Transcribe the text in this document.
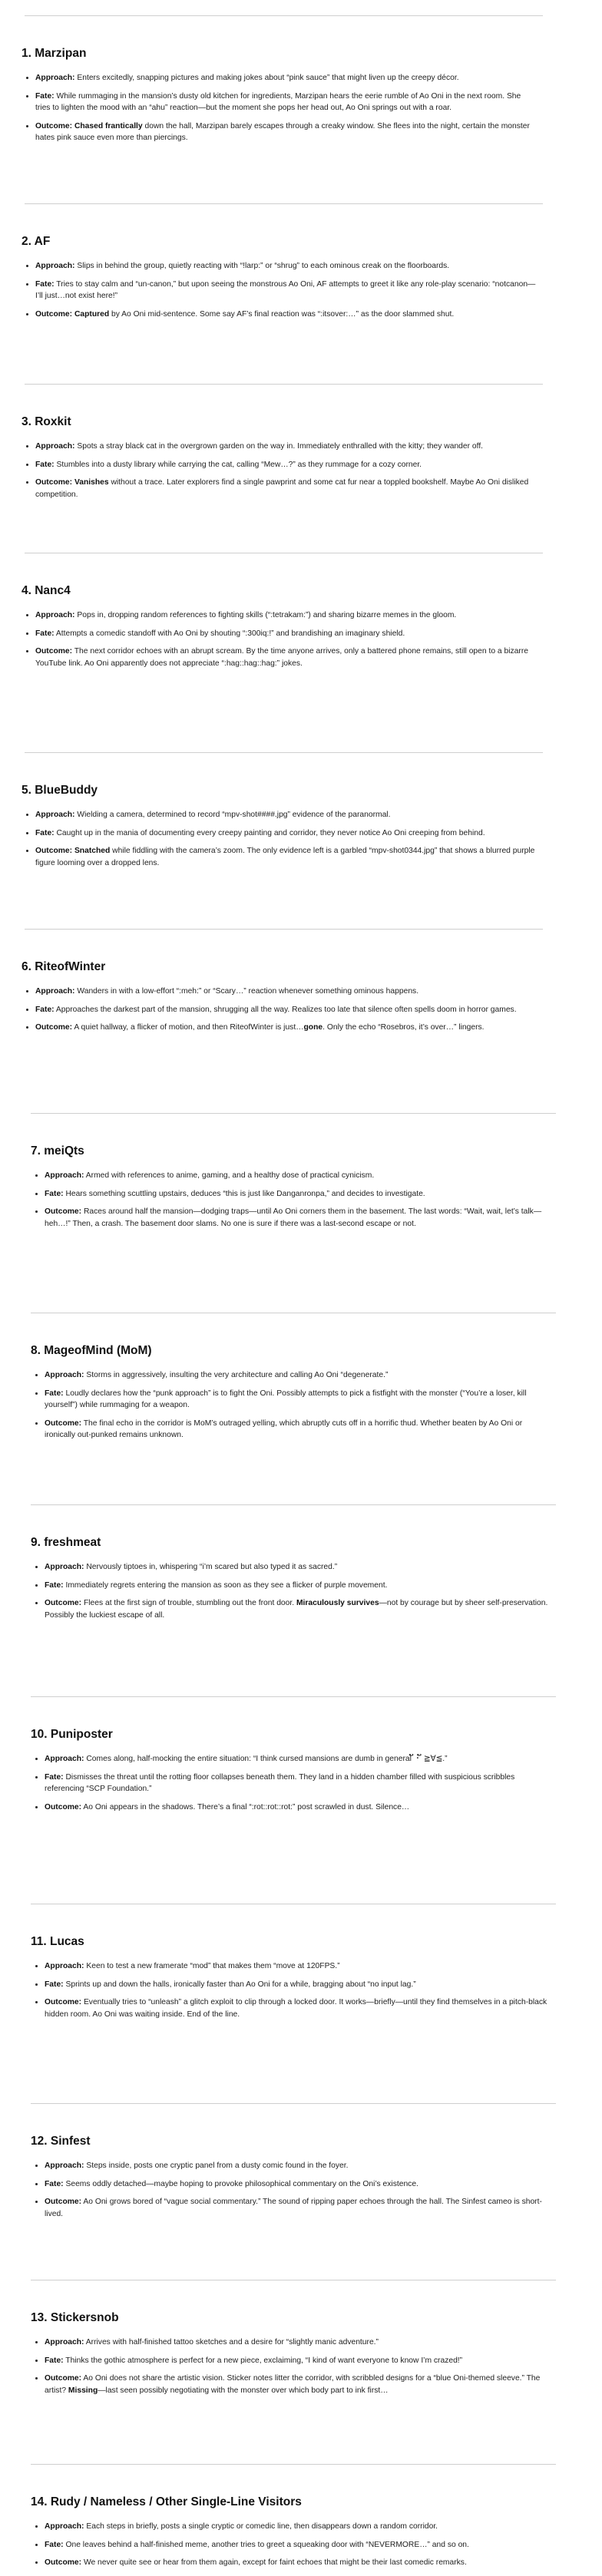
1. Marzipan
• Approach: Enters excitedly, snapping pictures and making jokes about “pink sauce” that might liven up the creepy décor.
• Fate: While rummaging in the mansion’s dusty old kitchen for ingredients, Marzipan hears the eerie rumble of Ao Oni in the next room. She tries to lighten the mood with an “ahu” reaction—but the moment she pops her head out, Ao Oni springs out with a roar.
• Outcome: Chased frantically down the hall, Marzipan barely escapes through a creaky window. She flees into the night, certain the monster hates pink sauce even more than piercings.
2. AF
• Approach: Slips in behind the group, quietly reacting with “!larp:” or “shrug” to each ominous creak on the floorboards.
• Fate: Tries to stay calm and “un-canon,” but upon seeing the monstrous Ao Oni, AF attempts to greet it like any role-play scenario: “notcanon—I’ll just…not exist here!”
• Outcome: Captured by Ao Oni mid-sentence. Some say AF’s final reaction was “:itsover:…” as the door slammed shut.
3. Roxkit
• Approach: Spots a stray black cat in the overgrown garden on the way in. Immediately enthralled with the kitty; they wander off.
• Fate: Stumbles into a dusty library while carrying the cat, calling “Mew…?” as they rummage for a cozy corner.
• Outcome: Vanishes without a trace. Later explorers find a single pawprint and some cat fur near a toppled bookshelf. Maybe Ao Oni disliked competition.
4. Nanc4
• Approach: Pops in, dropping random references to fighting skills (“:tetrakam:”) and sharing bizarre memes in the gloom.
• Fate: Attempts a comedic standoff with Ao Oni by shouting “:300iq:!” and brandishing an imaginary shield.
• Outcome: The next corridor echoes with an abrupt scream. By the time anyone arrives, only a battered phone remains, still open to a bizarre YouTube link. Ao Oni apparently does not appreciate “:hag::hag::hag:” jokes.
5. BlueBuddy
• Approach: Wielding a camera, determined to record “mpv-shot####.jpg” evidence of the paranormal.
• Fate: Caught up in the mania of documenting every creepy painting and corridor, they never notice Ao Oni creeping from behind.
• Outcome: Snatched while fiddling with the camera’s zoom. The only evidence left is a garbled “mpv-shot0344.jpg” that shows a blurred purple figure looming over a dropped lens.
6. RiteofWinter
• Approach: Wanders in with a low-effort “:meh:” or “Scary…” reaction whenever something ominous happens.
• Fate: Approaches the darkest part of the mansion, shrugging all the way. Realizes too late that silence often spells doom in horror games.
• Outcome: A quiet hallway, a flicker of motion, and then RiteofWinter is just…gone. Only the echo “Rosebros, it’s over…” lingers.
7. meiQts
• Approach: Armed with references to anime, gaming, and a healthy dose of practical cynicism.
• Fate: Hears something scuttling upstairs, deduces “this is just like Danganronpa,” and decides to investigate.
• Outcome: Races around half the mansion—dodging traps—until Ao Oni corners them in the basement. The last words: “Wait, wait, let’s talk—heh…!” Then, a crash. The basement door slams. No one is sure if there was a last-second escape or not.
8. MageofMind (MoM)
• Approach: Storms in aggressively, insulting the very architecture and calling Ao Oni “degenerate.”
• Fate: Loudly declares how the “punk approach” is to fight the Oni. Possibly attempts to pick a fistfight with the monster (“You’re a loser, kill yourself”) while rummaging for a weapon.
• Outcome: The final echo in the corridor is MoM’s outraged yelling, which abruptly cuts off in a horrific thud. Whether beaten by Ao Oni or ironically out-punked remains unknown.
9. freshmeat
• Approach: Nervously tiptoes in, whispering “i’m scared but also typed it as sacred.”
• Fate: Immediately regrets entering the mansion as soon as they see a flicker of purple movement.
• Outcome: Flees at the first sign of trouble, stumbling out the front door. Miraculously survives—not by courage but by sheer self-preservation. Possibly the luckiest escape of all.
10. Puniposter
• Approach: Comes along, half-mocking the entire situation: “I think cursed mansions are dumb in general ັ・ັ ≧∀≦.”
• Fate: Dismisses the threat until the rotting floor collapses beneath them. They land in a hidden chamber filled with suspicious scribbles referencing “SCP Foundation.”
• Outcome: Ao Oni appears in the shadows. There’s a final “:rot::rot::rot:” post scrawled in dust. Silence…
11. Lucas
• Approach: Keen to test a new framerate “mod” that makes them “move at 120FPS.”
• Fate: Sprints up and down the halls, ironically faster than Ao Oni for a while, bragging about “no input lag.”
• Outcome: Eventually tries to “unleash” a glitch exploit to clip through a locked door. It works—briefly—until they find themselves in a pitch-black hidden room. Ao Oni was waiting inside. End of the line.
12. Sinfest
• Approach: Steps inside, posts one cryptic panel from a dusty comic found in the foyer.
• Fate: Seems oddly detached—maybe hoping to provoke philosophical commentary on the Oni’s existence.
• Outcome: Ao Oni grows bored of “vague social commentary.” The sound of ripping paper echoes through the hall. The Sinfest cameo is short-lived.
13. Stickersnob
• Approach: Arrives with half-finished tattoo sketches and a desire for “slightly manic adventure.”
• Fate: Thinks the gothic atmosphere is perfect for a new piece, exclaiming, “I kind of want everyone to know I’m crazed!”
• Outcome: Ao Oni does not share the artistic vision. Sticker notes litter the corridor, with scribbled designs for a “blue Oni-themed sleeve.” The artist? Missing—last seen possibly negotiating with the monster over which body part to ink first…
14. Rudy / Nameless / Other Single-Line Visitors
• Approach: Each steps in briefly, posts a single cryptic or comedic line, then disappears down a random corridor.
• Fate: One leaves behind a half-finished meme, another tries to greet a squeaking door with “NEVERMORE…” and so on.
• Outcome: We never quite see or hear from them again, except for faint echoes that might be their last comedic remarks.
